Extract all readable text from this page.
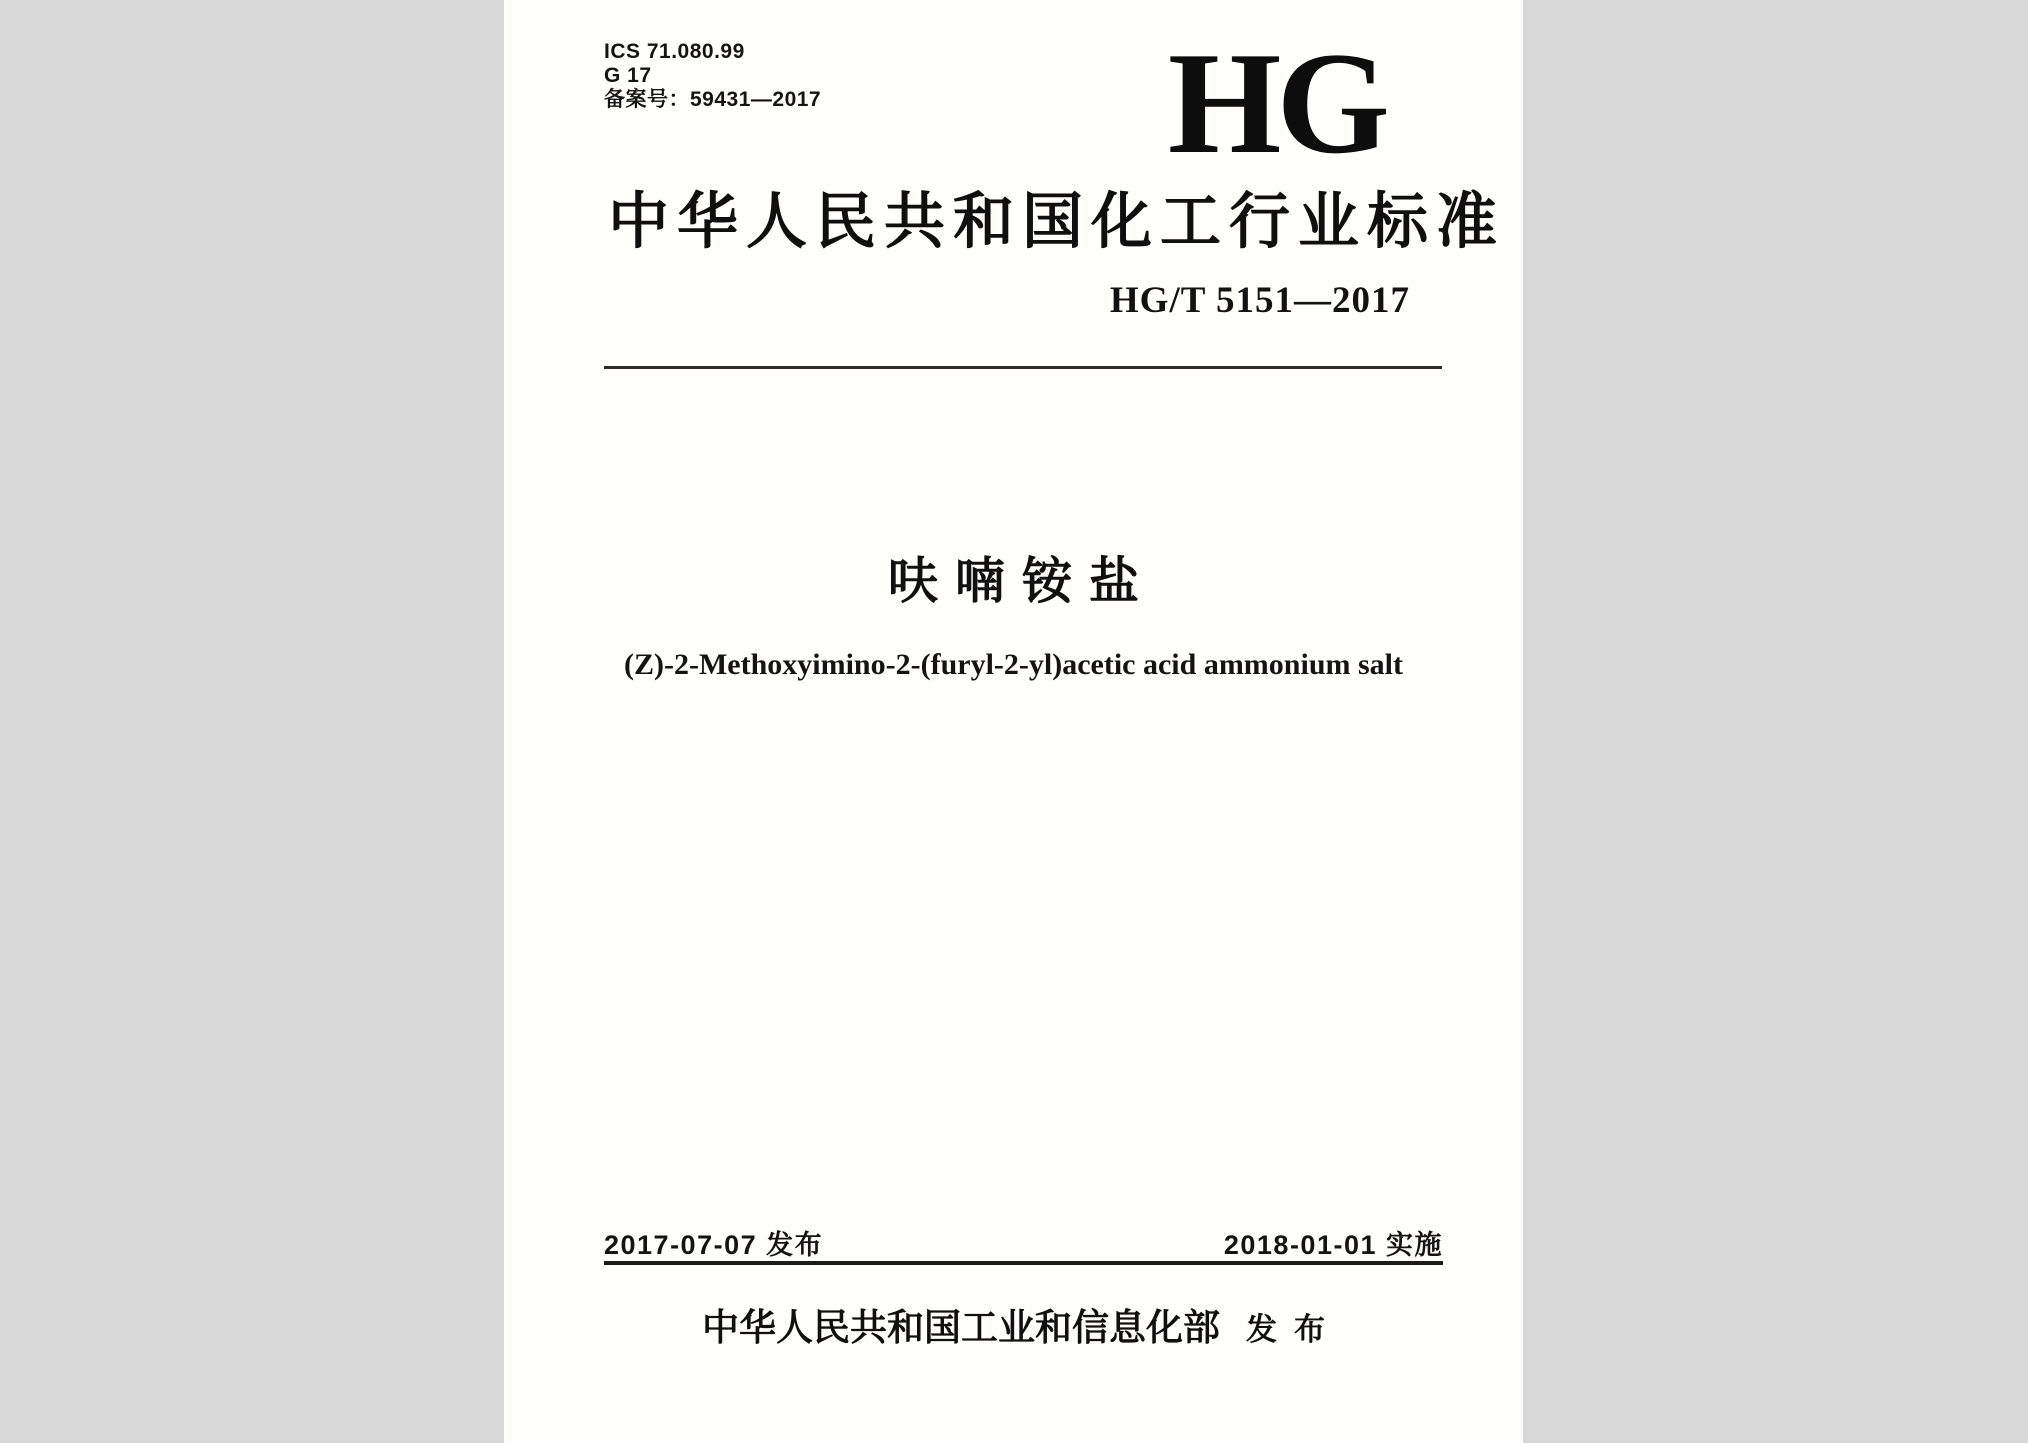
ICS 71.080.99
G 17
备案号：59431—2017 HG
中华人民共和国化工行业标准
HG/T 5151—2017
呋喃铵盐
(Z)-2-Methoxyimino-2-(furyl-2-yl)acetic acid ammonium salt
2017-07-07 发布	2018-01-01 实施
中华人民共和国工业和信息化部 发布
